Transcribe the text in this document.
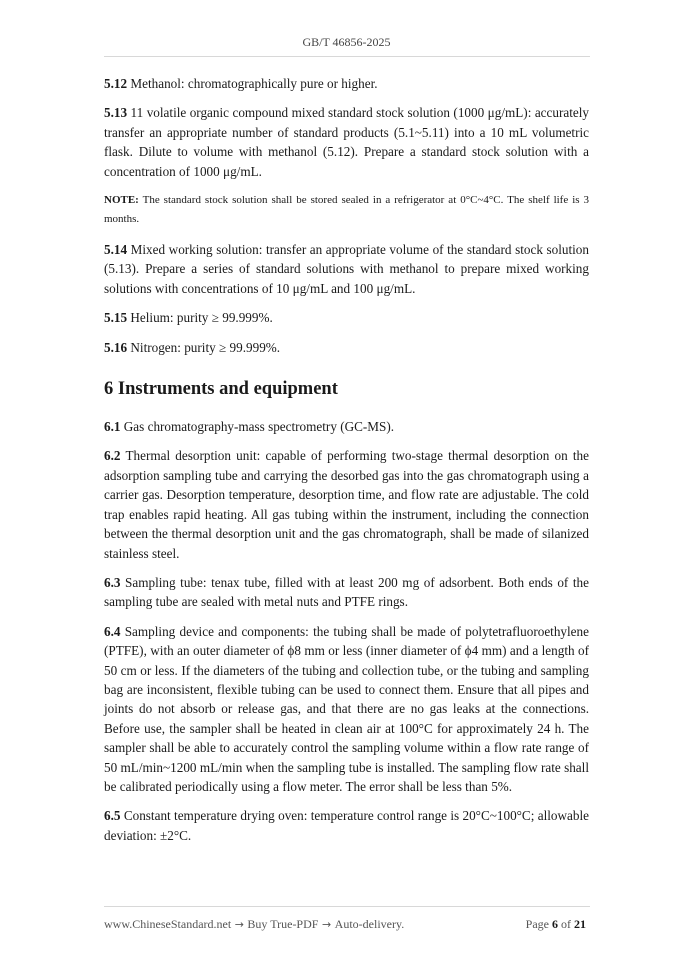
GB/T 46856-2025

5.12 Methanol: chromatographically pure or higher.

5.13 11 volatile organic compound mixed standard stock solution (1000 μg/mL): accurately transfer an appropriate number of standard products (5.1~5.11) into a 10 mL volumetric flask. Dilute to volume with methanol (5.12). Prepare a standard stock solution with a concentration of 1000 μg/mL.

NOTE: The standard stock solution shall be stored sealed in a refrigerator at 0°C~4°C. The shelf life is 3 months.

5.14 Mixed working solution: transfer an appropriate volume of the standard stock solution (5.13). Prepare a series of standard solutions with methanol to prepare mixed working solutions with concentrations of 10 μg/mL and 100 μg/mL.

5.15 Helium: purity ≥ 99.999%.

5.16 Nitrogen: purity ≥ 99.999%.

6 Instruments and equipment

6.1 Gas chromatography-mass spectrometry (GC-MS).

6.2 Thermal desorption unit: capable of performing two-stage thermal desorption on the adsorption sampling tube and carrying the desorbed gas into the gas chromatograph using a carrier gas. Desorption temperature, desorption time, and flow rate are adjustable. The cold trap enables rapid heating. All gas tubing within the instrument, including the connection between the thermal desorption unit and the gas chromatograph, shall be made of silanized stainless steel.

6.3 Sampling tube: tenax tube, filled with at least 200 mg of adsorbent. Both ends of the sampling tube are sealed with metal nuts and PTFE rings.

6.4 Sampling device and components: the tubing shall be made of polytetrafluoroethylene (PTFE), with an outer diameter of ϕ8 mm or less (inner diameter of ϕ4 mm) and a length of 50 cm or less. If the diameters of the tubing and collection tube, or the tubing and sampling bag are inconsistent, flexible tubing can be used to connect them. Ensure that all pipes and joints do not absorb or release gas, and that there are no gas leaks at the connections. Before use, the sampler shall be heated in clean air at 100°C for approximately 24 h. The sampler shall be able to accurately control the sampling volume within a flow rate range of 50 mL/min~1200 mL/min when the sampling tube is installed. The sampling flow rate shall be calibrated periodically using a flow meter. The error shall be less than 5%.

6.5 Constant temperature drying oven: temperature control range is 20°C~100°C; allowable deviation: ±2°C.

www.ChineseStandard.net → Buy True-PDF → Auto-delivery.	Page 6 of 21
